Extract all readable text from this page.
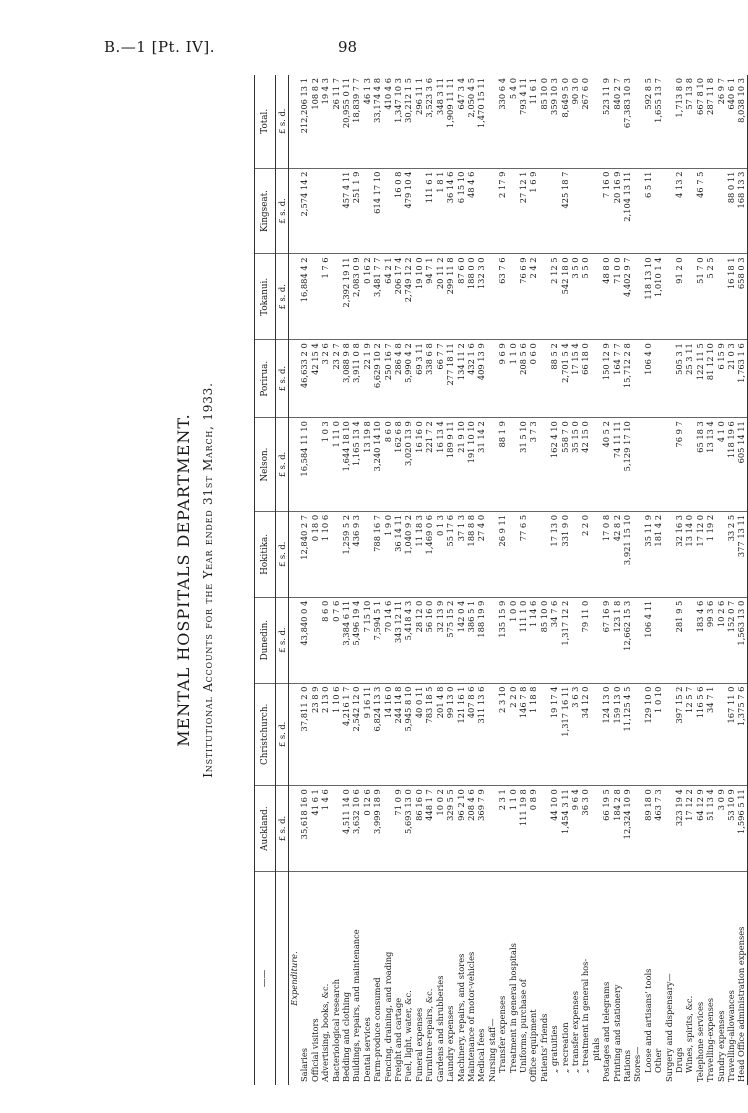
B.—1 [Pt. IV].	98
MENTAL HOSPITALS DEPARTMENT. Institutional Accounts for the Year ended 31st March, 1933.
——	Auckland.	Christchurch.	Dunedin.	Hokitika.	Nelson.	Porirua.	Tokanui.	Kingseat.	Total.
	£ s. d.	£ s. d.	£ s. d.	£ s. d.	£ s. d.	£ s. d.	£ s. d.	£ s. d.	£ s. d.
Expenditure.									
Salaries	35,618 16 0	37,811 2 0	43,840 0 4	12,840 2 7	16,584 11 10	46,633 2 0	16,884 4 2	2,574 14 2	212,206 13 1
Official visitors	41 6 1	23 8 9		0 18 0		42 15 4			108 8 2
Advertising, books, &c.	1 4 6	2 13 0	8 6 0	1 10 6	1 0 3	3 2 6	1 7 6		19 4 3
Bacteriological research		1 10 6	0 7 6		1 11 0	23 2 7			26 11 7
Bedding and clothing	4,511 14 0	4,216 1 7	3,384 6 11	1,259 5 2	1,644 18 10	3,088 9 8	2,392 19 11	457 4 11	20,955 0 11
Buildings, repairs, and maintenance	3,632 10 6	2,542 12 0	5,496 19 4	436 9 3	1,165 13 4	3,911 0 8	2,083 0 9	251 1 9	18,839 7 7
Dental services	0 12 6	9 16 11	7 15 10		13 19 8	22 1 9	0 16 2		46 1 3
Farm-produce consumed	3,999 18 9	6,824 13 3	7,594 5 1	788 16 7	3,240 14 10	6,629 10 2	3,481 7 7	614 17 10	33,174 4 8
Fencing, draining, and roading		14 16 0	70 14 6	1 9 0	8 6 0	250 16 7	64 2 1		410 4 6
Freight and cartage	71 0 9	244 14 8	343 12 11	36 14 11	162 6 8	286 4 8	206 17 4	16 0 8	1,347 10 3
Fuel, light, water, &c.	5,693 13 0	5,945 8 10	5,418 4 3	1,040 9 2	3,020 13 9	5,990 4 2	2,749 12 2	479 10 4	30,212 1 5
Funeral expenses	86 16 0	40 0 11	28 12 0	11 18 3	16 16 0	69 3 11	19 10 0		296 11 1
Furniture-repairs, &c.	448 1 7	783 18 5	56 16 0	1,469 0 6	221 7 2	338 6 8	94 7 1	111 6 1	3,523 3 6
Gardens and shrubberies	10 0 2	201 4 8	32 13 9	0 1 3	16 13 4	66 7 7	20 11 2	1 8 1	348 3 11
Laundry expenses	329 5 5	99 13 0	575 15 2	55 17 6	189 9 11	277 18 11	299 11 8	36 14 6	1,909 11 11
Machinery, repairs, and stores	96 2 10	121 16 1	142 0 4	37 1 3	21 9 10	134 11 2	87 6 0	6 15 10	647 3 4
Maintenance of motor-vehicles	208 4 6	407 8 6	386 5 1	188 8 8	191 10 10	432 1 6	188 0 0	48 4 6	2,050 4 5
Medical fees	369 7 9	311 13 6	188 19 9	27 4 0	31 14 2	409 13 9	132 3 0		1,470 15 11
Nursing staff—									
Transfer expenses	2 3 1	2 3 10	135 15 9	26 9 11	88 1 9	9 6 9	63 7 6	2 17 9	330 6 4
Treatment in general hospitals	1 1 0	2 2 0	1 0 0			1 1 0			5 4 0
Uniforms, purchase of	111 19 8	146 7 8	111 1 0	77 6 5	31 5 10	208 5 6	76 6 9	27 12 1	793 4 11
Office equipment	0 8 9	1 18 8	1 14 6		3 7 3	0 6 0	2 4 2	1 6 9	11 6 1
Patients' friends			85 10 0						85 10 0
„ gratuities	44 10 0	19 17 4	34 7 6	17 13 0	162 4 10	88 5 2	2 12 5		359 10 3
„ recreation	1,454 3 11	1,317 16 11	1,317 12 2	331 9 0	558 7 0	2,701 5 4	542 18 0	425 18 7	8,649 5 0
„ transfer expenses	9 6 4	3 6 3			35 15 0	17 15 4	3 5 0		90 3 0
„ treatment in general hos-	36 3 0	34 12 0	79 11 0	2 2 0	42 15 0	66 18 0	5 5 0		267 6 0
pitals									
Postages and telegrams	66 19 5	124 13 0	67 16 9	17 0 8	40 5 2	150 12 9	48 8 0	7 16 0	523 11 9
Printing and stationery	184 2 8	159 13 0	123 1 8	42 8 2	74 11 11	164 7 7	71 0 0	20 16 9	840 2 7
Rations	12,324 10 9	11,125 4 5	12,662 15 3	3,921 15 10	5,129 17 10	15,712 2 8	4,402 9 7	2,104 13 11	67,383 10 3
Stores—									
Loose and artisans' tools	89 18 0	129 10 0	106 4 11	35 11 9		106 4 0	118 13 10	6 5 11	592 8 5
Other	463 7 3	1 0 10		181 4 2			1,010 1 4		1,655 13 7
Surgery and dispensary—									
Drugs	323 19 4	397 15 2	281 9 5	32 16 3	76 9 7	505 3 1	91 2 0	4 13 2	1,713 8 0
Wines, spirits, &c.	17 12 2	12 5 7		13 14 0		25 3 11			57 13 8
Telephone services	64 12 9	116 5 6	183 4 6	17 12 0	65 18 3	122 11 5	51 7 0	46 7 5	667 8 10
Travelling-expenses	51 13 4	34 7 1	99 3 6	1 19 2	13 13 4	81 12 10	5 2 5		287 11 8
Sundry expenses	3 0 9		10 2 6		4 1 0	6 15 9			26 9 7
Travelling-allowances	53 10 9	167 11 0	152 0 7	33 2 5	118 19 6	21 0 3	16 18 1	88 0 11	640 6 1
Head Office administration expenses	1,596 5 11	1,375 7 6	1,563 13 0	377 13 11	605 14 11	1,763 1 6	658 0 3	168 13 3	8,038 10 3
